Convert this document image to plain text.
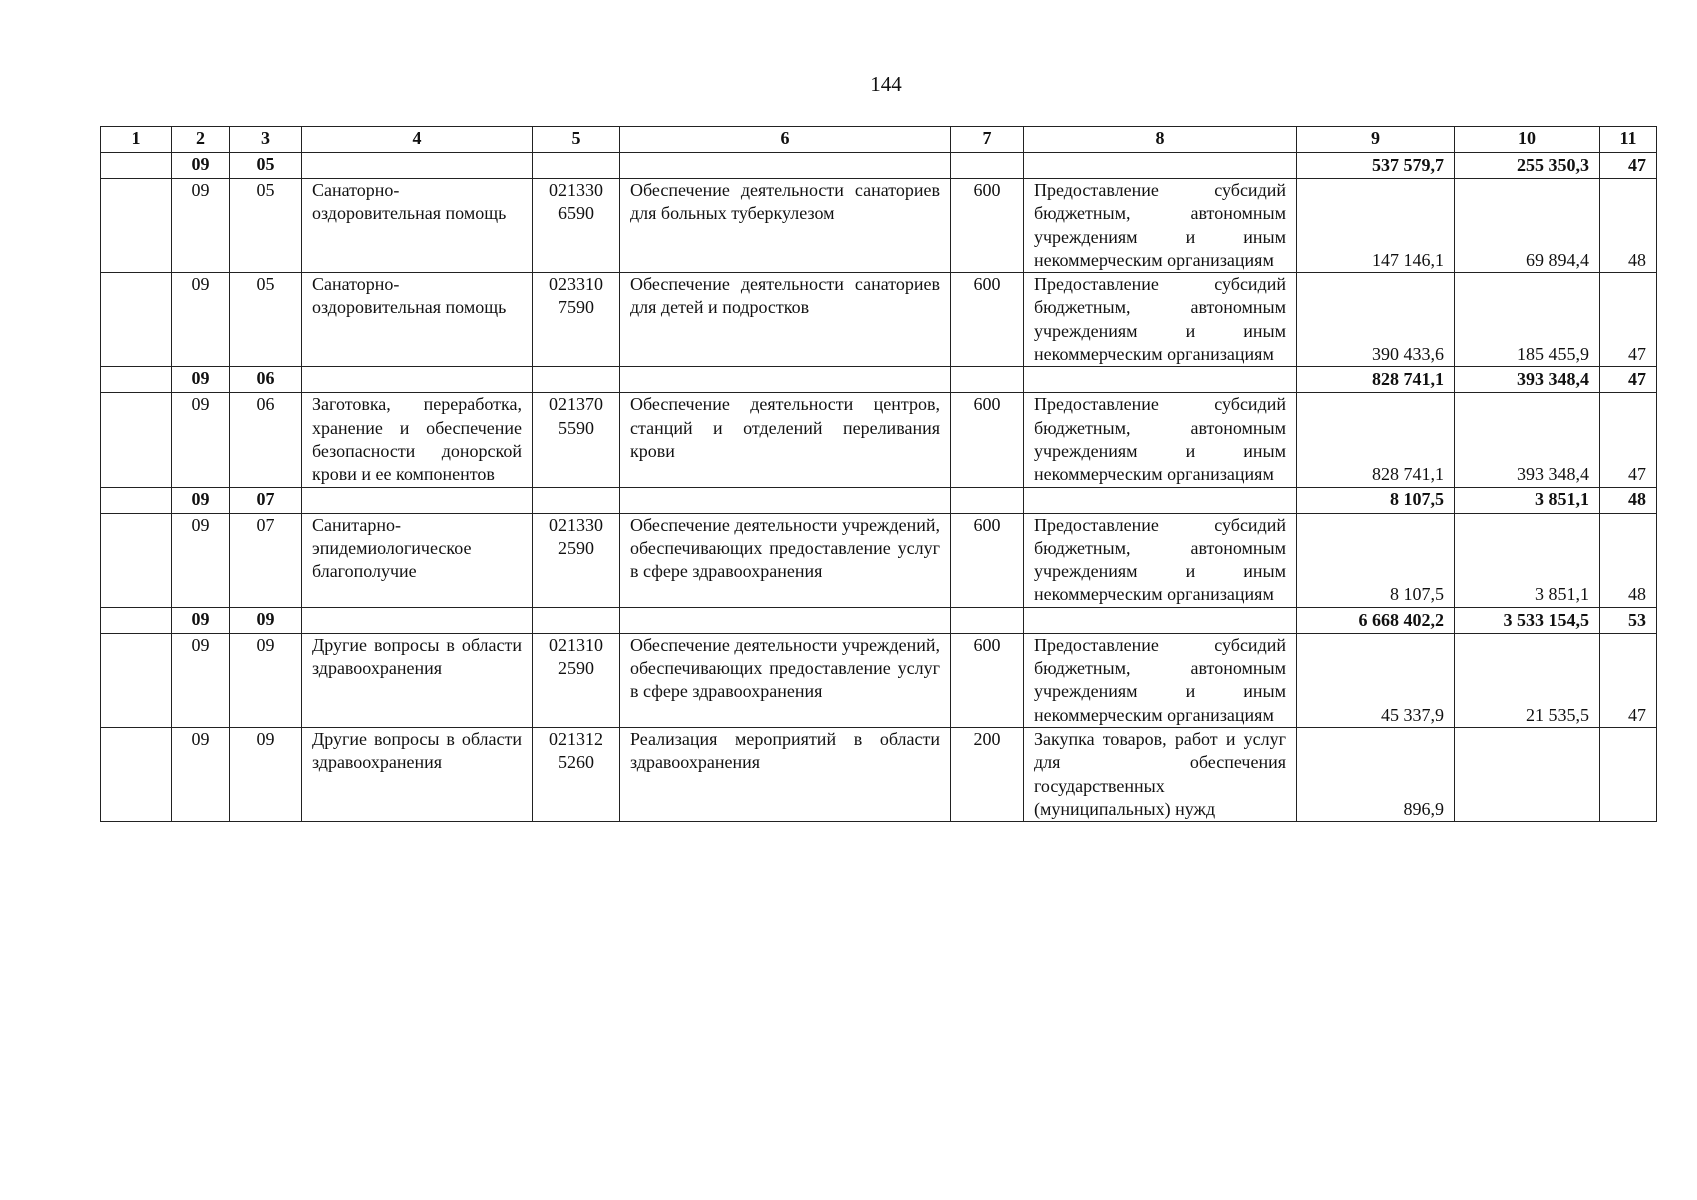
144
1	2	3	4	5	6	7	8	9	10	11
	09	05						537 579,7	255 350,3	47
	09	05	Санаторно-оздоровительная помощь	021330 6590	Обеспечение деятельности санаториев для больных туберкулезом	600	Предоставление субсидий бюджетным, автономным учреждениям и иным некоммерческим организациям	147 146,1	69 894,4	48
	09	05	Санаторно-оздоровительная помощь	023310 7590	Обеспечение деятельности санаториев для детей и подростков	600	Предоставление субсидий бюджетным, автономным учреждениям и иным некоммерческим организациям	390 433,6	185 455,9	47
	09	06						828 741,1	393 348,4	47
	09	06	Заготовка, переработка, хранение и обеспечение безопасности донорской крови и ее компонентов	021370 5590	Обеспечение деятельности центров, станций и отделений переливания крови	600	Предоставление субсидий бюджетным, автономным учреждениям и иным некоммерческим организациям	828 741,1	393 348,4	47
	09	07						8 107,5	3 851,1	48
	09	07	Санитарно-эпидемиологическое благополучие	021330 2590	Обеспечение деятельности учреждений, обеспечивающих предоставление услуг в сфере здравоохранения	600	Предоставление субсидий бюджетным, автономным учреждениям и иным некоммерческим организациям	8 107,5	3 851,1	48
	09	09						6 668 402,2	3 533 154,5	53
	09	09	Другие вопросы в области здравоохранения	021310 2590	Обеспечение деятельности учреждений, обеспечивающих предоставление услуг в сфере здравоохранения	600	Предоставление субсидий бюджетным, автономным учреждениям и иным некоммерческим организациям	45 337,9	21 535,5	47
	09	09	Другие вопросы в области здравоохранения	021312 5260	Реализация мероприятий в области здравоохранения	200	Закупка товаров, работ и услуг для обеспечения государственных (муниципальных) нужд	896,9		
